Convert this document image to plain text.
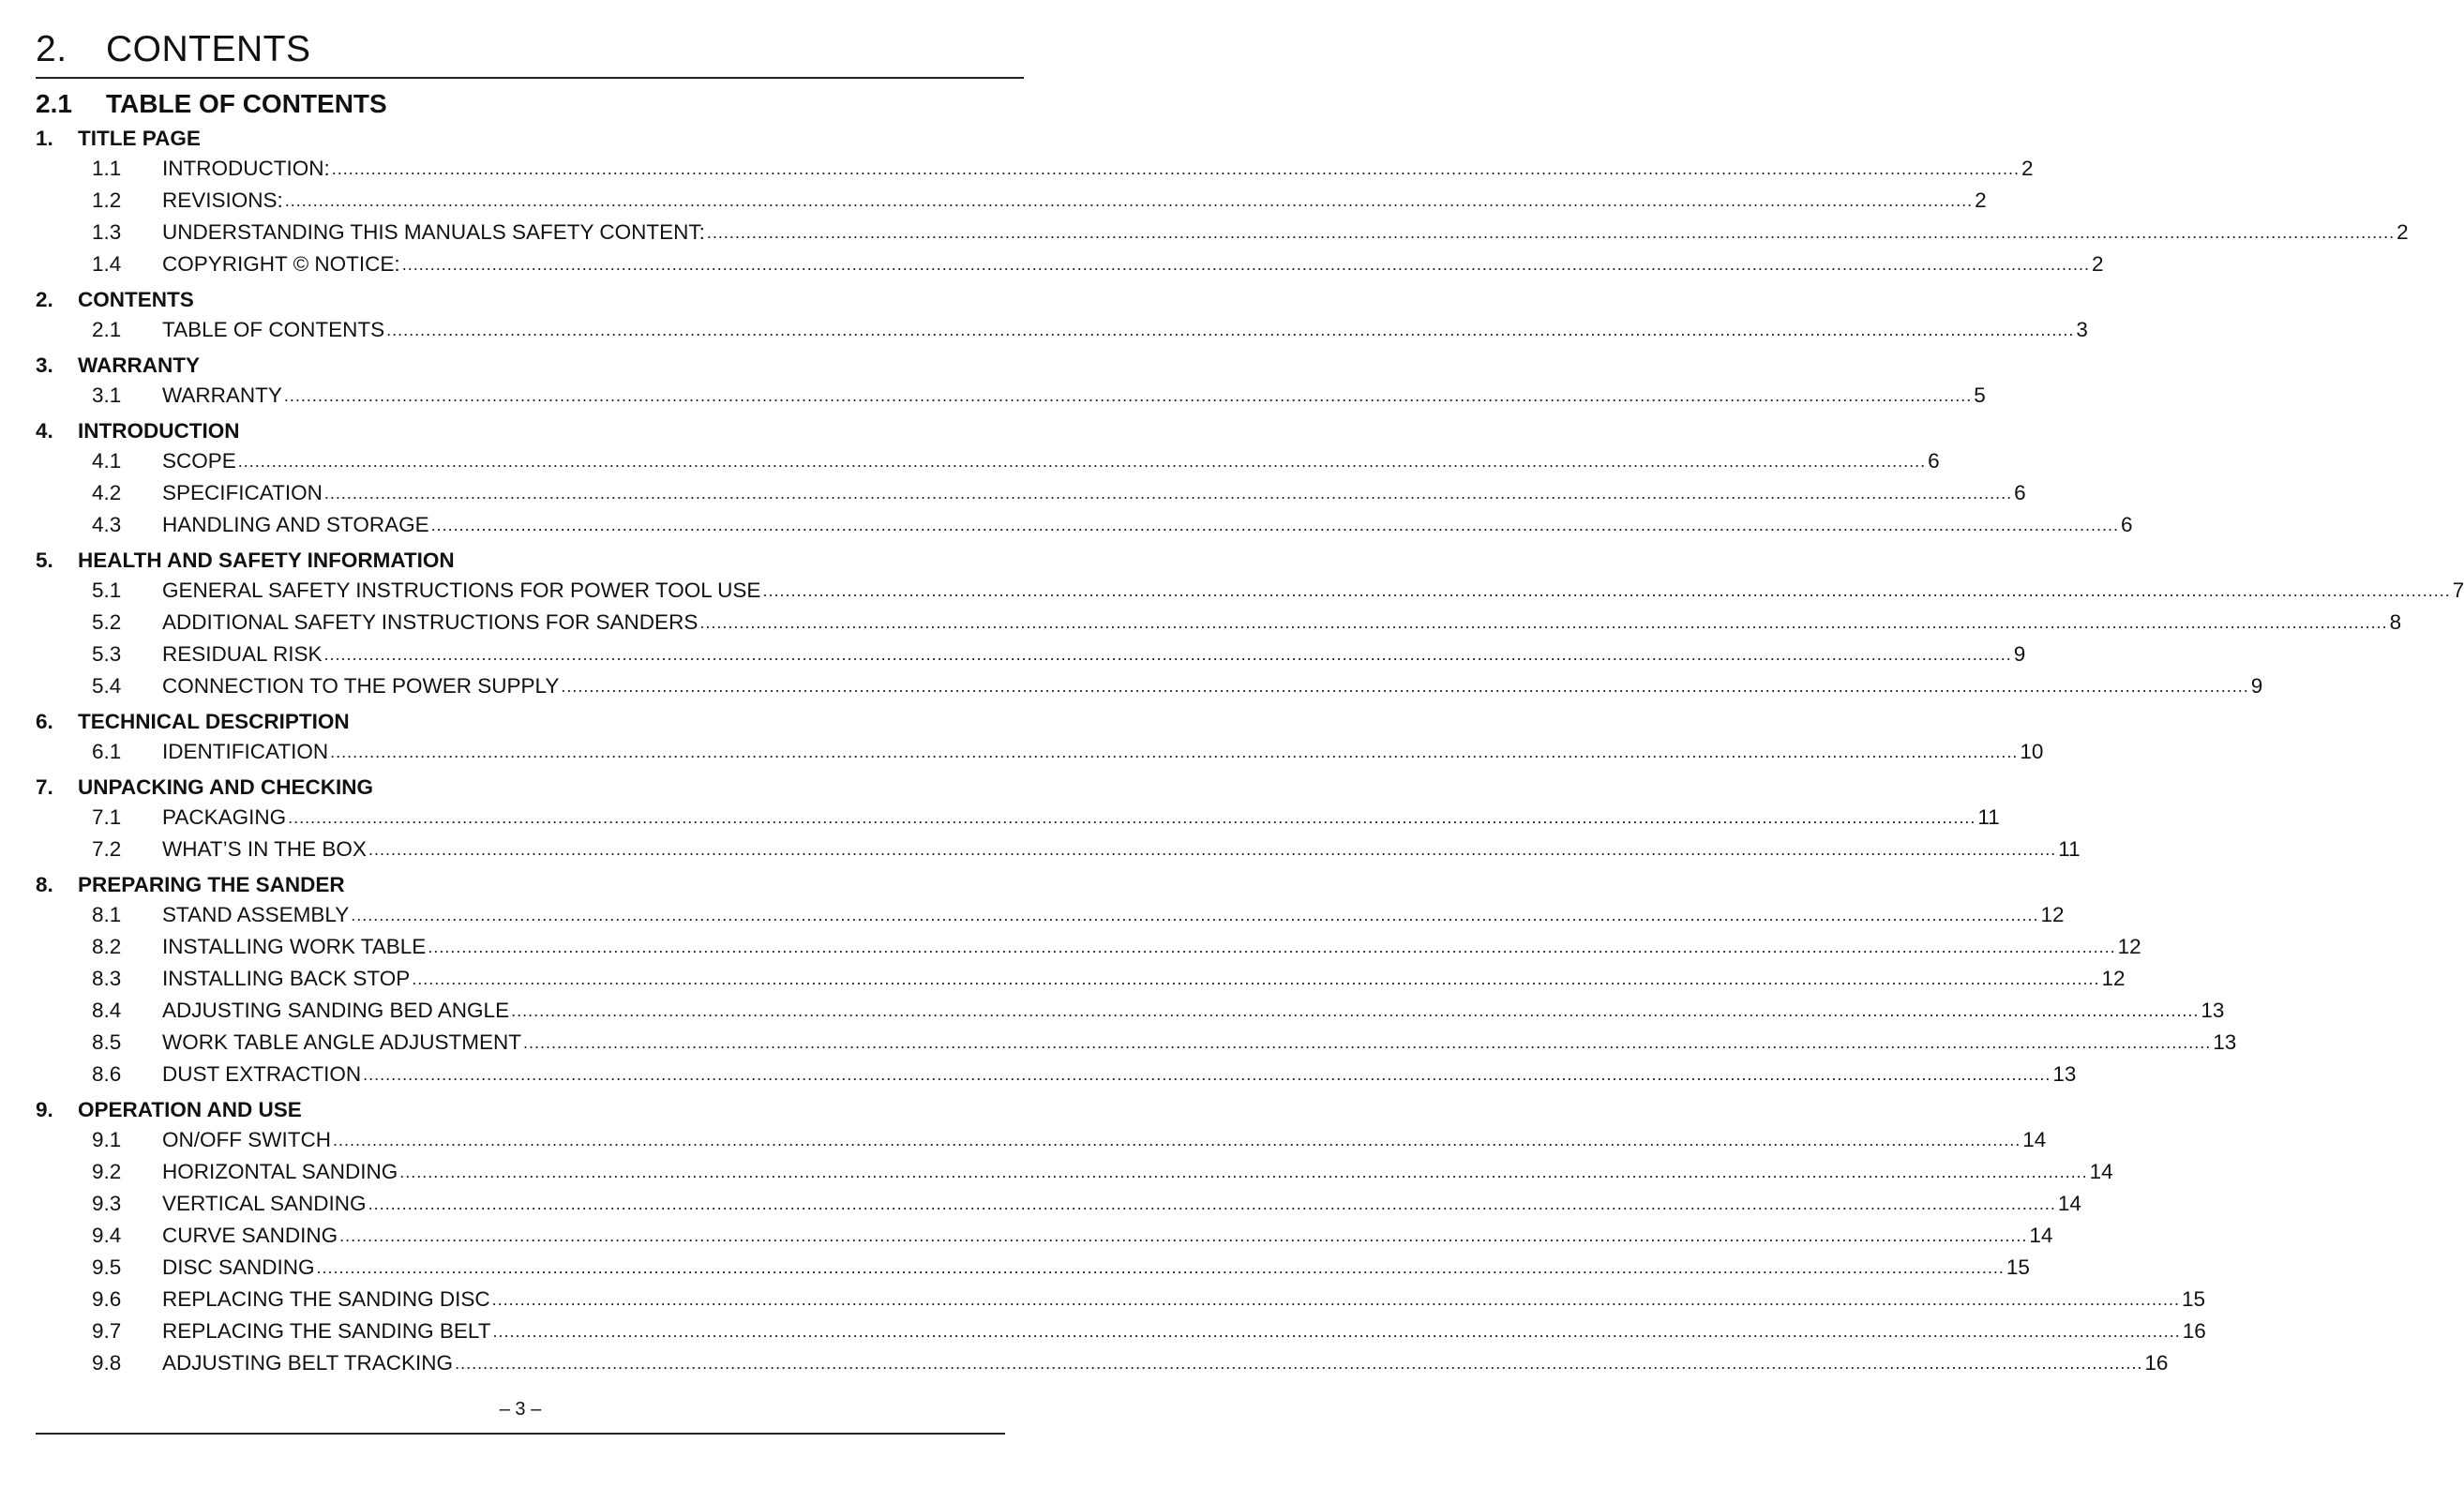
2.	CONTENTS
2.1	TABLE OF CONTENTS
1.	TITLE PAGE
1.1	INTRODUCTION: ............................................................................................................................................................................................................................................................................................................ 2
1.2	REVISIONS: ............................................................................................................................................................................................................................................................................................................ 2
1.3	UNDERSTANDING THIS MANUALS SAFETY CONTENT: ............................................................................................................................................................................................................................................................................................................ 2
1.4	COPYRIGHT © NOTICE: ............................................................................................................................................................................................................................................................................................................ 2
2.	CONTENTS
2.1	TABLE OF CONTENTS ............................................................................................................................................................................................................................................................................................................ 3
3.	WARRANTY
3.1	WARRANTY ............................................................................................................................................................................................................................................................................................................ 5
4.	INTRODUCTION
4.1	SCOPE ............................................................................................................................................................................................................................................................................................................ 6
4.2	SPECIFICATION ............................................................................................................................................................................................................................................................................................................ 6
4.3	HANDLING AND STORAGE ............................................................................................................................................................................................................................................................................................................ 6
5.	HEALTH AND SAFETY INFORMATION
5.1	GENERAL SAFETY INSTRUCTIONS FOR POWER TOOL USE ............................................................................................................................................................................................................................................................................................................ 7
5.2	ADDITIONAL SAFETY INSTRUCTIONS FOR SANDERS ............................................................................................................................................................................................................................................................................................................ 8
5.3	RESIDUAL RISK ............................................................................................................................................................................................................................................................................................................ 9
5.4	CONNECTION TO THE POWER SUPPLY ............................................................................................................................................................................................................................................................................................................ 9
6.	TECHNICAL DESCRIPTION
6.1	IDENTIFICATION ............................................................................................................................................................................................................................................................................................................ 10
7.	UNPACKING AND CHECKING
7.1	PACKAGING ............................................................................................................................................................................................................................................................................................................ 11
7.2	WHAT’S IN THE BOX ............................................................................................................................................................................................................................................................................................................ 11
8.	PREPARING THE SANDER
8.1	STAND ASSEMBLY ............................................................................................................................................................................................................................................................................................................ 12
8.2	INSTALLING WORK TABLE ............................................................................................................................................................................................................................................................................................................ 12
8.3	INSTALLING BACK STOP ............................................................................................................................................................................................................................................................................................................ 12
8.4	ADJUSTING SANDING BED ANGLE ............................................................................................................................................................................................................................................................................................................ 13
8.5	WORK TABLE ANGLE ADJUSTMENT ............................................................................................................................................................................................................................................................................................................ 13
8.6	DUST EXTRACTION ............................................................................................................................................................................................................................................................................................................ 13
9.	OPERATION AND USE
9.1	ON/OFF SWITCH ............................................................................................................................................................................................................................................................................................................ 14
9.2	HORIZONTAL SANDING ............................................................................................................................................................................................................................................................................................................ 14
9.3	VERTICAL SANDING ............................................................................................................................................................................................................................................................................................................ 14
9.4	CURVE SANDING ............................................................................................................................................................................................................................................................................................................ 14
9.5	DISC SANDING ............................................................................................................................................................................................................................................................................................................ 15
9.6	REPLACING THE SANDING DISC ............................................................................................................................................................................................................................................................................................................ 15
9.7	REPLACING THE SANDING BELT ............................................................................................................................................................................................................................................................................................................ 16
9.8	ADJUSTING BELT TRACKING ............................................................................................................................................................................................................................................................................................................ 16
– 3 –
